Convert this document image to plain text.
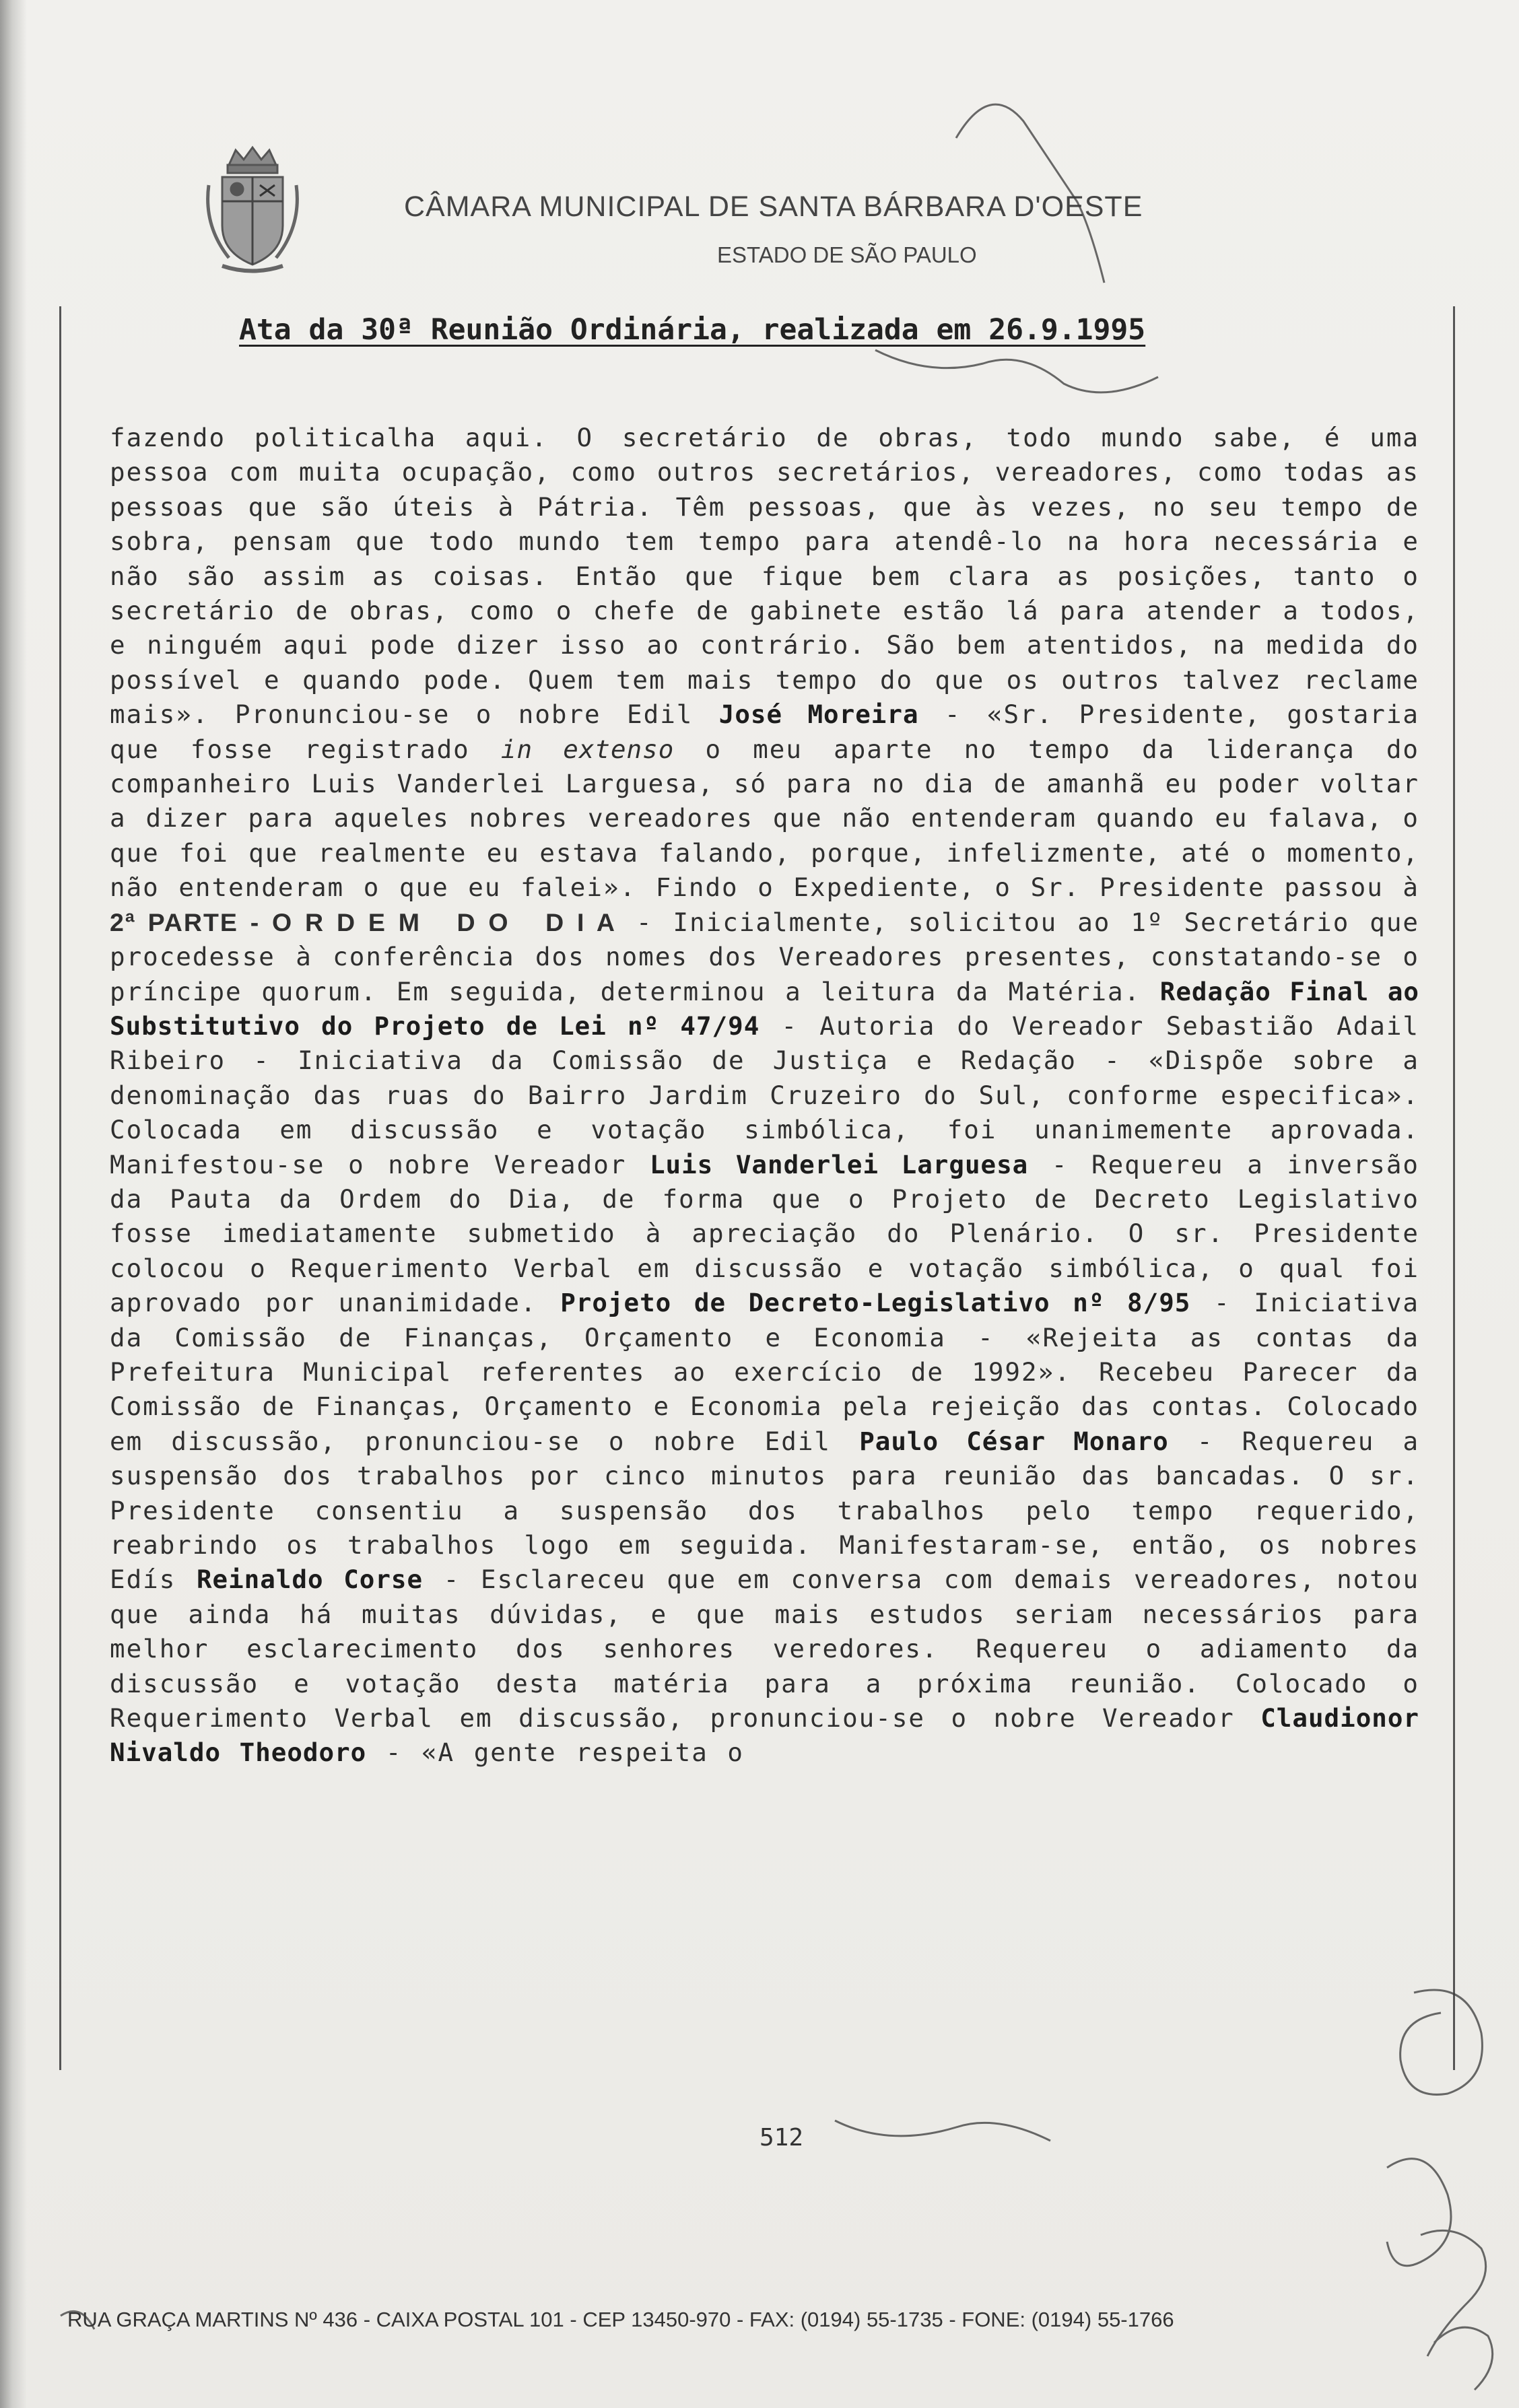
CÂMARA MUNICIPAL DE SANTA BÁRBARA D'OESTE
ESTADO DE SÃO PAULO
Ata da 30ª Reunião Ordinária, realizada em 26.9.1995
fazendo politicalha aqui. O secretário de obras, todo mundo sabe, é uma pessoa com muita ocupação, como outros secretários, vereadores, como todas as pessoas que são úteis à Pátria. Têm pessoas, que às vezes, no seu tempo de sobra, pensam que todo mundo tem tempo para atendê-lo na hora necessária e não são assim as coisas. Então que fique bem clara as posições, tanto o secretário de obras, como o chefe de gabinete estão lá para atender a todos, e ninguém aqui pode dizer isso ao contrário. São bem atentidos, na medida do possível e quando pode. Quem tem mais tempo do que os outros talvez reclame mais». Pronunciou-se o nobre Edil José Moreira - «Sr. Presidente, gostaria que fosse registrado in extenso o meu aparte no tempo da liderança do companheiro Luis Vanderlei Larguesa, só para no dia de amanhã eu poder voltar a dizer para aqueles nobres vereadores que não entenderam quando eu falava, o que foi que realmente eu estava falando, porque, infelizmente, até o momento, não entenderam o que eu falei». Findo o Expediente, o Sr. Presidente passou à 2ª PARTE - O R D E M   D O   D I A - Inicialmente, solicitou ao 1º Secretário que procedesse à conferência dos nomes dos Vereadores presentes, constatando-se o príncipe quorum. Em seguida, determinou a leitura da Matéria. Redação Final ao Substitutivo do Projeto de Lei nº 47/94 - Autoria do Vereador Sebastião Adail Ribeiro - Iniciativa da Comissão de Justiça e Redação - «Dispõe sobre a denominação das ruas do Bairro Jardim Cruzeiro do Sul, conforme especifica». Colocada em discussão e votação simbólica, foi unanimemente aprovada. Manifestou-se o nobre Vereador Luis Vanderlei Larguesa - Requereu a inversão da Pauta da Ordem do Dia, de forma que o Projeto de Decreto Legislativo fosse imediatamente submetido à apreciação do Plenário. O sr. Presidente colocou o Requerimento Verbal em discussão e votação simbólica, o qual foi aprovado por unanimidade. Projeto de Decreto-Legislativo nº 8/95 - Iniciativa da Comissão de Finanças, Orçamento e Economia - «Rejeita as contas da Prefeitura Municipal referentes ao exercício de 1992». Recebeu Parecer da Comissão de Finanças, Orçamento e Economia pela rejeição das contas. Colocado em discussão, pronunciou-se o nobre Edil Paulo César Monaro - Requereu a suspensão dos trabalhos por cinco minutos para reunião das bancadas. O sr. Presidente consentiu a suspensão dos trabalhos pelo tempo requerido, reabrindo os trabalhos logo em seguida. Manifestaram-se, então, os nobres Edís Reinaldo Corse - Esclareceu que em conversa com demais vereadores, notou que ainda há muitas dúvidas, e que mais estudos seriam necessários para melhor esclarecimento dos senhores veredores. Requereu o adiamento da discussão e votação desta matéria para a próxima reunião. Colocado o Requerimento Verbal em discussão, pronunciou-se o nobre Vereador Claudionor Nivaldo Theodoro - «A gente respeita o
512
RUA GRAÇA MARTINS Nº 436 - CAIXA POSTAL 101 - CEP 13450-970 - FAX: (0194) 55-1735 - FONE: (0194) 55-1766
